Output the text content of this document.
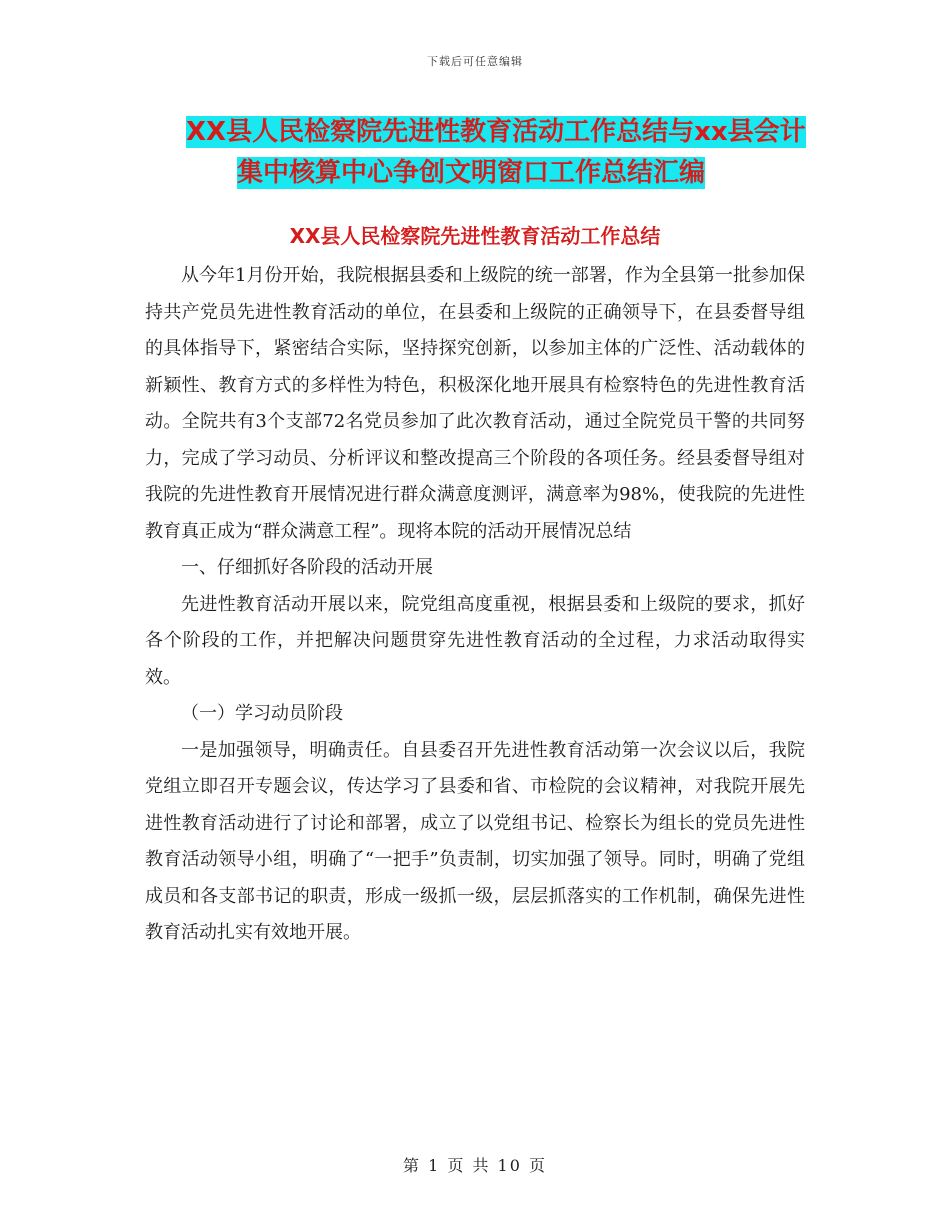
下载后可任意编辑
XX县人民检察院先进性教育活动工作总结与xx县会计
集中核算中心争创文明窗口工作总结汇编
XX县人民检察院先进性教育活动工作总结

从今年1月份开始，我院根据县委和上级院的统一部署，作为全县第一批参加保持共产党员先进性教育活动的单位，在县委和上级院的正确领导下，在县委督导组的具体指导下，紧密结合实际，坚持探究创新，以参加主体的广泛性、活动载体的新颖性、教育方式的多样性为特色，积极深化地开展具有检察特色的先进性教育活动。全院共有3个支部72名党员参加了此次教育活动，通过全院党员干警的共同努力，完成了学习动员、分析评议和整改提高三个阶段的各项任务。经县委督导组对我院的先进性教育开展情况进行群众满意度测评，满意率为98%，使我院的先进性教育真正成为“群众满意工程”。现将本院的活动开展情况总结

一、仔细抓好各阶段的活动开展

先进性教育活动开展以来，院党组高度重视，根据县委和上级院的要求，抓好各个阶段的工作，并把解决问题贯穿先进性教育活动的全过程，力求活动取得实效。

（一）学习动员阶段

一是加强领导，明确责任。自县委召开先进性教育活动第一次会议以后，我院党组立即召开专题会议，传达学习了县委和省、市检院的会议精神，对我院开展先进性教育活动进行了讨论和部署，成立了以党组书记、检察长为组长的党员先进性教育活动领导小组，明确了“一把手”负责制，切实加强了领导。同时，明确了党组成员和各支部书记的职责，形成一级抓一级，层层抓落实的工作机制，确保先进性教育活动扎实有效地开展。

第 1 页 共 10 页
